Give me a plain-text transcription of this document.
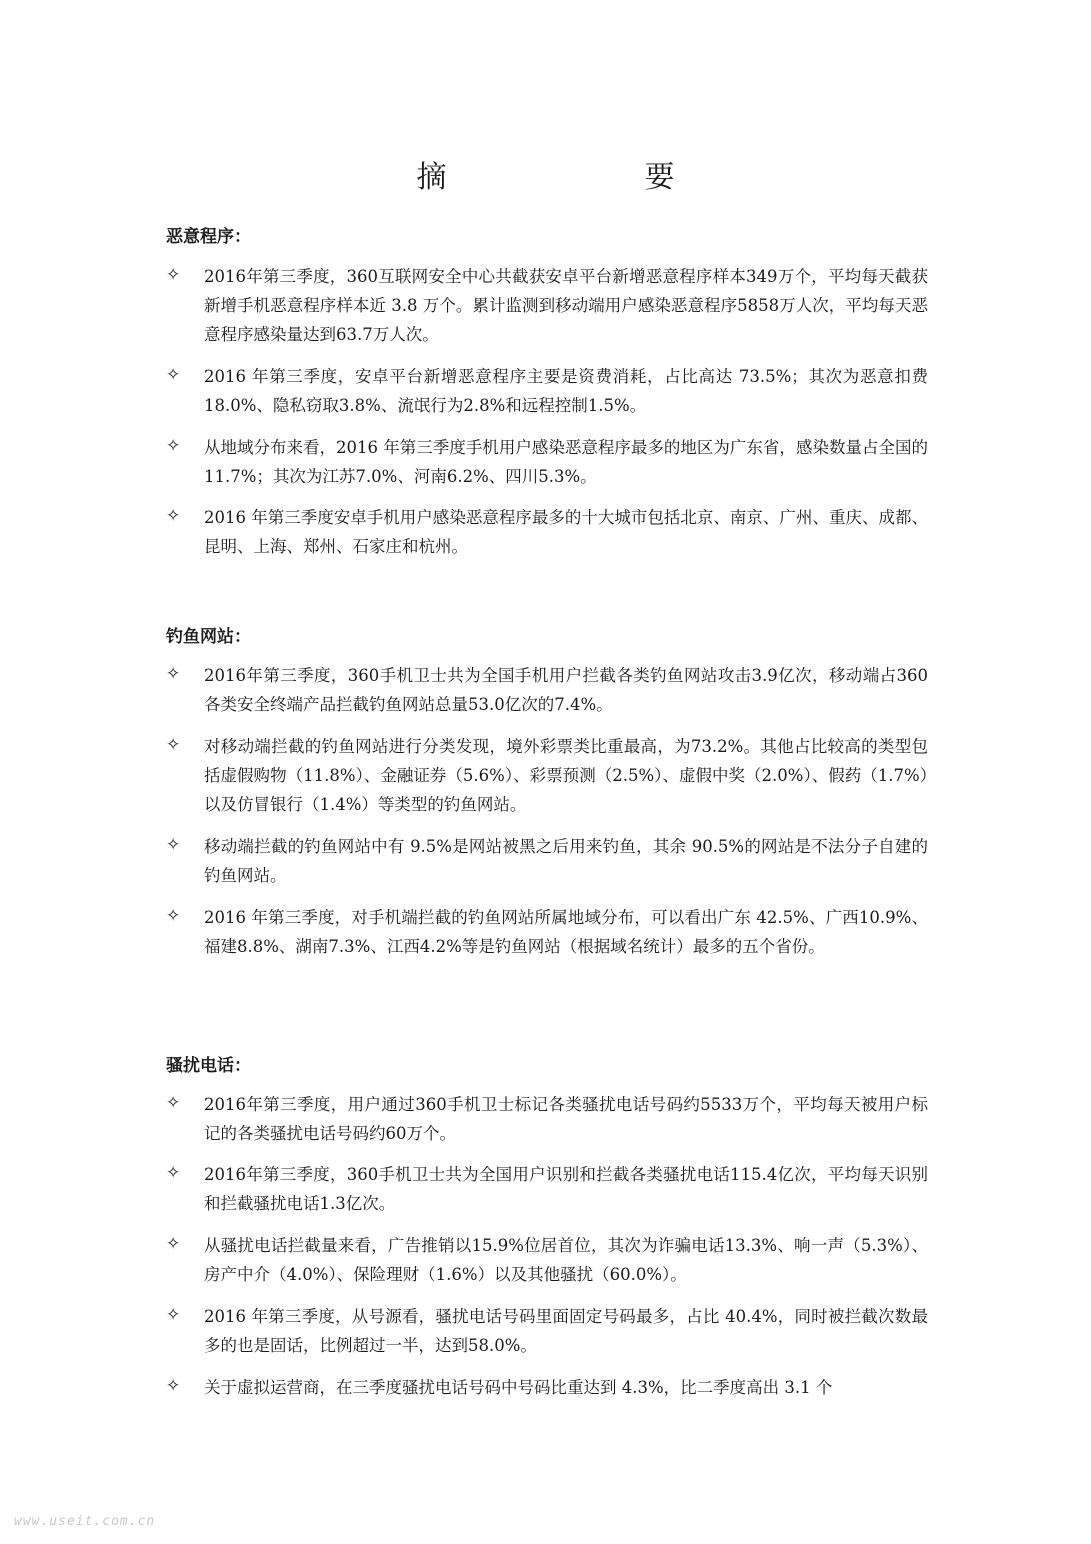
摘　　要
恶意程序：
✧ 2016年第三季度，360互联网安全中心共截获安卓平台新增恶意程序样本349万个，平均每天截获新增手机恶意程序样本近 3.8 万个。累计监测到移动端用户感染恶意程序5858万人次，平均每天恶意程序感染量达到63.7万人次。
✧ 2016 年第三季度，安卓平台新增恶意程序主要是资费消耗，占比高达 73.5%；其次为恶意扣费18.0%、隐私窃取3.8%、流氓行为2.8%和远程控制1.5%。
✧ 从地域分布来看，2016 年第三季度手机用户感染恶意程序最多的地区为广东省，感染数量占全国的11.7%；其次为江苏7.0%、河南6.2%、四川5.3%。
✧ 2016 年第三季度安卓手机用户感染恶意程序最多的十大城市包括北京、南京、广州、重庆、成都、昆明、上海、郑州、石家庄和杭州。
钓鱼网站：
✧ 2016年第三季度，360手机卫士共为全国手机用户拦截各类钓鱼网站攻击3.9亿次，移动端占360各类安全终端产品拦截钓鱼网站总量53.0亿次的7.4%。
✧ 对移动端拦截的钓鱼网站进行分类发现，境外彩票类比重最高，为73.2%。其他占比较高的类型包括虚假购物（11.8%）、金融证券（5.6%）、彩票预测（2.5%）、虚假中奖（2.0%）、假药（1.7%）以及仿冒银行（1.4%）等类型的钓鱼网站。
✧ 移动端拦截的钓鱼网站中有 9.5%是网站被黑之后用来钓鱼，其余 90.5%的网站是不法分子自建的钓鱼网站。
✧ 2016 年第三季度，对手机端拦截的钓鱼网站所属地域分布，可以看出广东 42.5%、广西10.9%、福建8.8%、湖南7.3%、江西4.2%等是钓鱼网站（根据域名统计）最多的五个省份。
骚扰电话：
✧ 2016年第三季度，用户通过360手机卫士标记各类骚扰电话号码约5533万个，平均每天被用户标记的各类骚扰电话号码约60万个。
✧ 2016年第三季度，360手机卫士共为全国用户识别和拦截各类骚扰电话115.4亿次，平均每天识别和拦截骚扰电话1.3亿次。
✧ 从骚扰电话拦截量来看，广告推销以15.9%位居首位，其次为诈骗电话13.3%、响一声（5.3%）、房产中介（4.0%）、保险理财（1.6%）以及其他骚扰（60.0%）。
✧ 2016 年第三季度，从号源看，骚扰电话号码里面固定号码最多，占比 40.4%，同时被拦截次数最多的也是固话，比例超过一半，达到58.0%。
✧ 关于虚拟运营商，在三季度骚扰电话号码中号码比重达到 4.3%，比二季度高出 3.1 个
www.useit.com.cn
